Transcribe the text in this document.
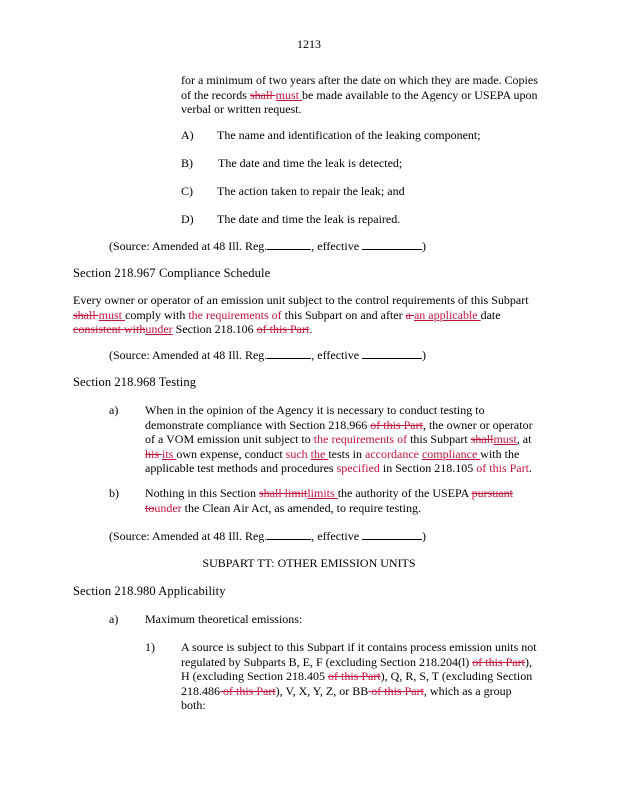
1213
for a minimum of two years after the date on which they are made. Copies
of the records shall must be made available to the Agency or USEPA upon
verbal or written request.
A) The name and identification of the leaking component;
B) The date and time the leak is detected;
C) The action taken to repair the leak; and
D) The date and time the leak is repaired.
(Source: Amended at 48 Ill. Reg.	, effective	)
Section 218.967 Compliance Schedule
Every owner or operator of an emission unit subject to the control requirements of this Subpart
shall must comply with the requirements of this Subpart on and after a an applicable date
consistent withunder Section 218.106 of this Part.
(Source: Amended at 48 Ill. Reg.	, effective	)
Section 218.968 Testing
a) When in the opinion of the Agency it is necessary to conduct testing to
demonstrate compliance with Section 218.966 of this Part, the owner or operator
of a VOM emission unit subject to the requirements of this Subpart shallmust, at
his its own expense, conduct such the tests in accordance compliance with the
applicable test methods and procedures specified in Section 218.105 of this Part.
b) Nothing in this Section shall limitlimits the authority of the USEPA pursuant
tounder the Clean Air Act, as amended, to require testing.
(Source: Amended at 48 Ill. Reg.	, effective	)
SUBPART TT: OTHER EMISSION UNITS
Section 218.980 Applicability
a) Maximum theoretical emissions:
1) A source is subject to this Subpart if it contains process emission units not
regulated by Subparts B, E, F (excluding Section 218.204(l) of this Part),
H (excluding Section 218.405 of this Part), Q, R, S, T (excluding Section
218.486 of this Part), V, X, Y, Z, or BB of this Part, which as a group
both:
